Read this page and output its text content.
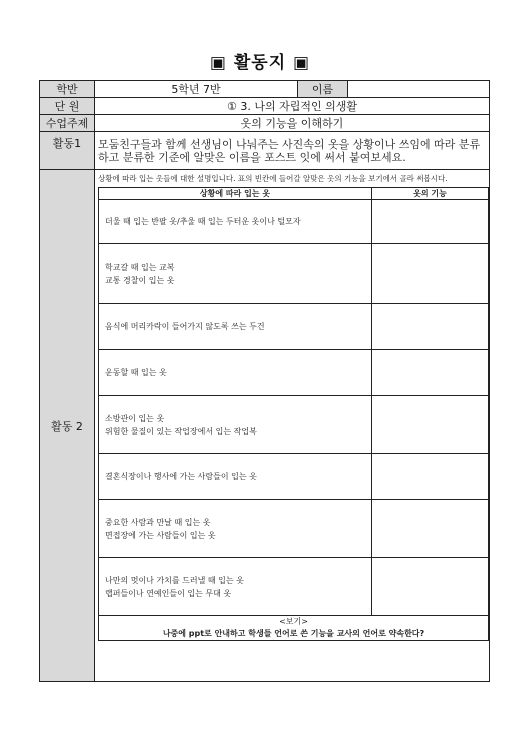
▣ 활동지 ▣
학반	5학년 7반	이름	
단 원	① 3. 나의 자립적인 의생활
수업주제	옷의 기능을 이해하기
활동1	모둠친구들과 함께 선생님이 나눠주는 사진속의 옷을 상황이나 쓰임에 따라 분류하고 분류한 기준에 알맞은 이름을 포스트 잇에 써서 붙여보세요.
활동 2	
상황에 따라 입는 옷들에 대한 설명입니다. 표의 빈칸에 들어갈 알맞은 옷의 기능을 보기에서 골라 써봅시다.
상황에 따라 입는 옷	옷의 기능

더울 때 입는 반팔 옷/추울 때 입는 두터운 옷이나 털모자

학교갈 때 입는 교복
교통 경찰이 입는 옷

음식에 머리카락이 들어가지 않도록 쓰는 두건

운동할 때 입는 옷

소방관이 입는 옷
위험한 물질이 있는 작업장에서 입는 작업복

결혼식장이나 행사에 가는 사람들이 입는 옷

중요한 사람과 만날 때 입는 옷
면접장에 가는 사람들이 입는 옷

나만의 멋이나 가치를 드러낼 때 입는 옷
랩퍼들이나 연예인들이 입는 무대 옷

<보기>
나중에 ppt로 안내하고 학생들 언어로 쓴 기능을 교사의 언어로 약속한다?
